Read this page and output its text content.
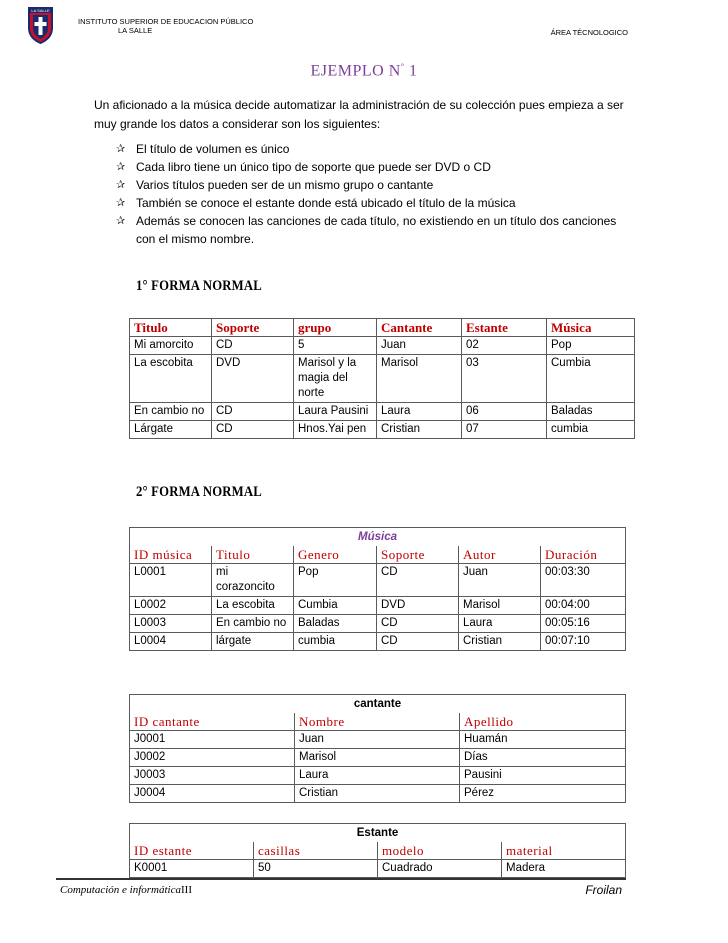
LA SALLE
INSTITUTO SUPERIOR DE EDUCACION PÚBLICO
LA SALLE	ÁREA TÉCNOLOGICO
EJEMPLO N° 1
Un aficionado a la música decide automatizar la administración de su colección pues empieza a ser muy grande los datos a considerar son los siguientes:
✰ El título de volumen es único
✰ Cada libro tiene un único tipo de soporte que puede ser DVD o CD
✰ Varios títulos pueden ser de un mismo grupo o cantante
✰ También se conoce el estante donde está ubicado el título de la música
✰ Además se conocen las canciones de cada título, no existiendo en un título dos canciones con el mismo nombre.
1° FORMA NORMAL
Titulo	Soporte	grupo	Cantante	Estante	Música
Mi amorcito	CD	5	Juan	02	Pop
La escobita	DVD	Marisol y la magia del norte	Marisol	03	Cumbia
En cambio no	CD	Laura Pausini	Laura	06	Baladas
Lárgate	CD	Hnos.Yai pen	Cristian	07	cumbia
2° FORMA NORMAL
Música					
ID música	Titulo	Genero	Soporte	Autor	Duración
L0001	mi corazoncito	Pop	CD	Juan	00:03:30
L0002	La escobita	Cumbia	DVD	Marisol	00:04:00
L0003	En cambio no	Baladas	CD	Laura	00:05:16
L0004	lárgate	cumbia	CD	Cristian	00:07:10
cantante		
ID cantante	Nombre	Apellido
J0001	Juan	Huamán
J0002	Marisol	Días
J0003	Laura	Pausini
J0004	Cristian	Pérez
Estante			
ID estante	casillas	modelo	material
K0001	50	Cuadrado	Madera
Computación e informáticaIII	Froilan
